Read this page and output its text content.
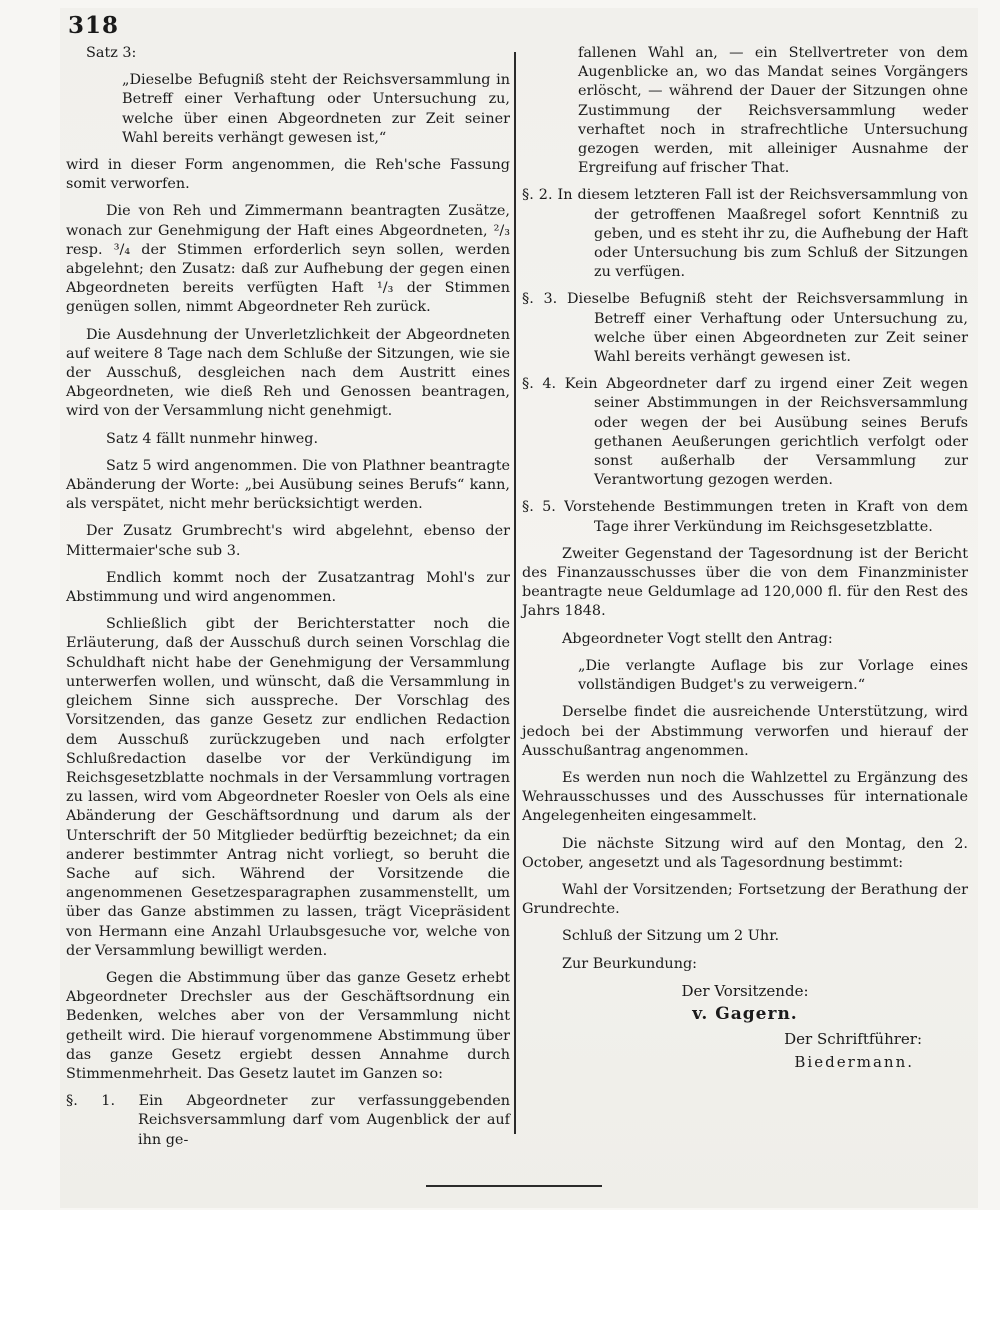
318

Satz 3:

„Dieselbe Befugniß steht der Reichsversammlung in Betreff einer Verhaftung oder Untersuchung zu, welche über einen Abgeordneten zur Zeit seiner Wahl bereits verhängt gewesen ist,“

wird in dieser Form angenommen, die Reh'sche Fassung somit verworfen.

Die von Reh und Zimmermann beantragten Zusätze, wonach zur Genehmigung der Haft eines Abgeordneten, ²/₃ resp. ³/₄ der Stimmen erforderlich seyn sollen, werden abgelehnt; den Zusatz: daß zur Aufhebung der gegen einen Abgeordneten bereits verfügten Haft ¹/₃ der Stimmen genügen sollen, nimmt Abgeordneter Reh zurück.

Die Ausdehnung der Unverletzlichkeit der Abgeordneten auf weitere 8 Tage nach dem Schluße der Sitzungen, wie sie der Ausschuß, desgleichen nach dem Austritt eines Abgeordneten, wie dieß Reh und Genossen beantragen, wird von der Versammlung nicht genehmigt.

Satz 4 fällt nunmehr hinweg.

Satz 5 wird angenommen. Die von Plathner beantragte Abänderung der Worte: „bei Ausübung seines Berufs“ kann, als verspätet, nicht mehr berücksichtigt werden.

Der Zusatz Grumbrecht's wird abgelehnt, ebenso der Mittermaier'sche sub 3.

Endlich kommt noch der Zusatzantrag Mohl's zur Abstimmung und wird angenommen.

Schließlich gibt der Berichterstatter noch die Erläuterung, daß der Ausschuß durch seinen Vorschlag die Schuldhaft nicht habe der Genehmigung der Versammlung unterwerfen wollen, und wünscht, daß die Versammlung in gleichem Sinne sich ausspreche. Der Vorschlag des Vorsitzenden, das ganze Gesetz zur endlichen Redaction dem Ausschuß zurückzugeben und nach erfolgter Schlußredaction daselbe vor der Verkündigung im Reichsgesetzblatte nochmals in der Versammlung vortragen zu lassen, wird vom Abgeordneter Roesler von Oels als eine Abänderung der Geschäftsordnung und darum als der Unterschrift der 50 Mitglieder bedürftig bezeichnet; da ein anderer bestimmter Antrag nicht vorliegt, so beruht die Sache auf sich. Während der Vorsitzende die angenommenen Gesetzesparagraphen zusammenstellt, um über das Ganze abstimmen zu lassen, trägt Vicepräsident von Hermann eine Anzahl Urlaubsgesuche vor, welche von der Versammlung bewilligt werden.

Gegen die Abstimmung über das ganze Gesetz erhebt Abgeordneter Drechsler aus der Geschäftsordnung ein Bedenken, welches aber von der Versammlung nicht getheilt wird. Die hierauf vorgenommene Abstimmung über das ganze Gesetz ergiebt dessen Annahme durch Stimmenmehrheit. Das Gesetz lautet im Ganzen so:

§. 1. Ein Abgeordneter zur verfassunggebenden Reichsversammlung darf vom Augenblick der auf ihn ge-

fallenen Wahl an, — ein Stellvertreter von dem Augenblicke an, wo das Mandat seines Vorgängers erlöscht, — während der Dauer der Sitzungen ohne Zustimmung der Reichsversammlung weder verhaftet noch in strafrechtliche Untersuchung gezogen werden, mit alleiniger Ausnahme der Ergreifung auf frischer That.

§. 2. In diesem letzteren Fall ist der Reichsversammlung von der getroffenen Maaßregel sofort Kenntniß zu geben, und es steht ihr zu, die Aufhebung der Haft oder Untersuchung bis zum Schluß der Sitzungen zu verfügen.

§. 3. Dieselbe Befugniß steht der Reichsversammlung in Betreff einer Verhaftung oder Untersuchung zu, welche über einen Abgeordneten zur Zeit seiner Wahl bereits verhängt gewesen ist.

§. 4. Kein Abgeordneter darf zu irgend einer Zeit wegen seiner Abstimmungen in der Reichsversammlung oder wegen der bei Ausübung seines Berufs gethanen Aeußerungen gerichtlich verfolgt oder sonst außerhalb der Versammlung zur Verantwortung gezogen werden.

§. 5. Vorstehende Bestimmungen treten in Kraft von dem Tage ihrer Verkündung im Reichsgesetzblatte.

Zweiter Gegenstand der Tagesordnung ist der Bericht des Finanzausschusses über die von dem Finanzminister beantragte neue Geldumlage ad 120,000 fl. für den Rest des Jahrs 1848.

Abgeordneter Vogt stellt den Antrag:

„Die verlangte Auflage bis zur Vorlage eines vollständigen Budget's zu verweigern.“

Derselbe findet die ausreichende Unterstützung, wird jedoch bei der Abstimmung verworfen und hierauf der Ausschußantrag angenommen.

Es werden nun noch die Wahlzettel zu Ergänzung des Wehrausschusses und des Ausschusses für internationale Angelegenheiten eingesammelt.

Die nächste Sitzung wird auf den Montag, den 2. October, angesetzt und als Tagesordnung bestimmt:

Wahl der Vorsitzenden; Fortsetzung der Berathung der Grundrechte.

Schluß der Sitzung um 2 Uhr.

Zur Beurkundung:

Der Vorsitzende:
v. Gagern.
Der Schriftführer:
Biedermann.
